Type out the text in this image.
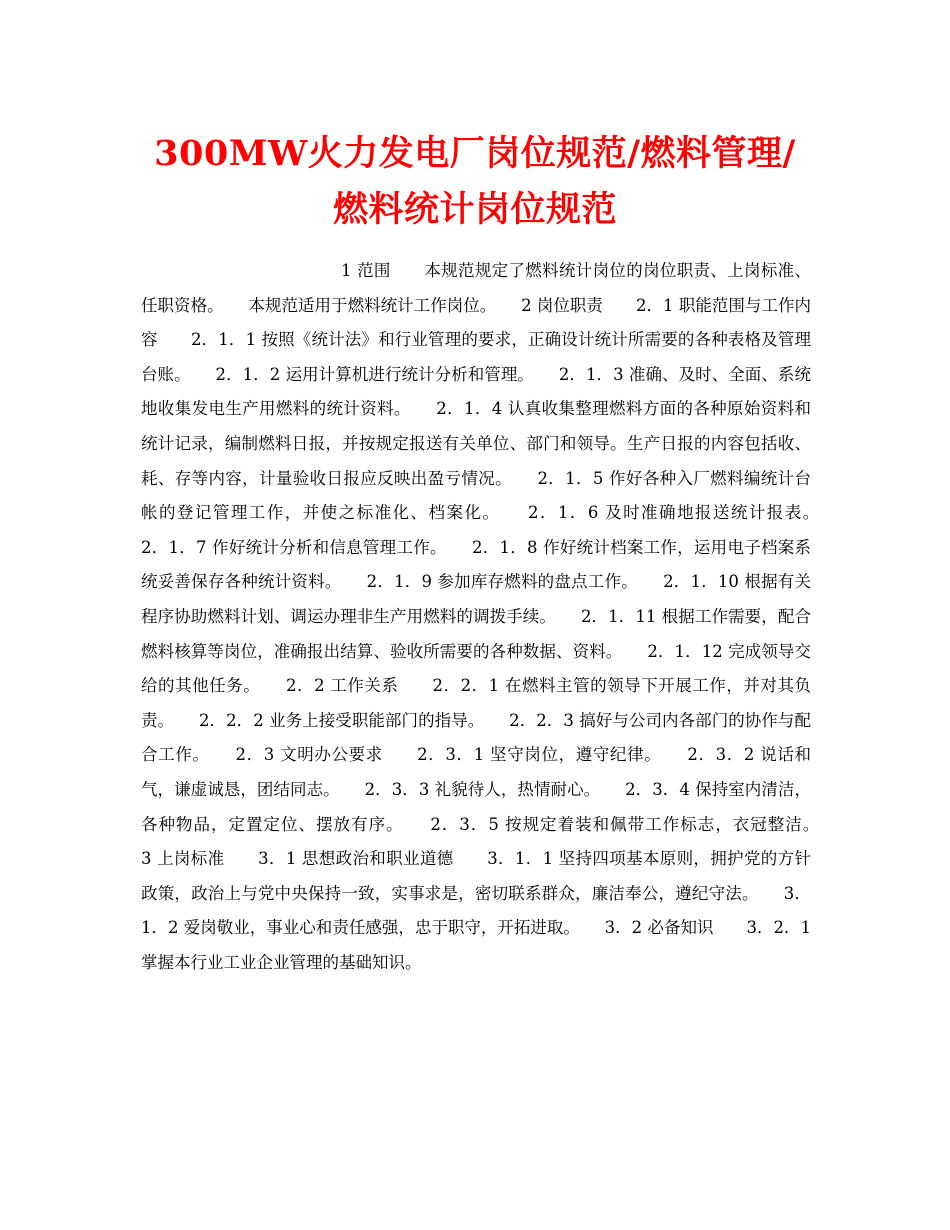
300MW火力发电厂岗位规范/燃料管理/燃料统计岗位规范

1 范围　　本规范规定了燃料统计岗位的岗位职责、上岗标准、任职资格。　　本规范适用于燃料统计工作岗位。　　2 岗位职责　　2．1 职能范围与工作内容　　2．1．1 按照《统计法》和行业管理的要求，正确设计统计所需要的各种表格及管理台账。　　2．1．2 运用计算机进行统计分析和管理。　　2．1．3 准确、及时、全面、系统地收集发电生产用燃料的统计资料。　　2．1．4 认真收集整理燃料方面的各种原始资料和统计记录，编制燃料日报，并按规定报送有关单位、部门和领导。生产日报的内容包括收、耗、存等内容，计量验收日报应反映出盈亏情况。　　2．1．5 作好各种入厂燃料编统计台帐的登记管理工作，并使之标准化、档案化。　　2．1．6 及时准确地报送统计报表。　　2．1．7 作好统计分析和信息管理工作。　　2．1．8 作好统计档案工作，运用电子档案系统妥善保存各种统计资料。　　2．1．9 参加库存燃料的盘点工作。　　2．1．10 根据有关程序协助燃料计划、调运办理非生产用燃料的调拨手续。　　2．1．11 根据工作需要，配合燃料核算等岗位，准确报出结算、验收所需要的各种数据、资料。　　2．1．12 完成领导交给的其他任务。　　2．2 工作关系　　2．2．1 在燃料主管的领导下开展工作，并对其负责。　　2．2．2 业务上接受职能部门的指导。　　2．2．3 搞好与公司内各部门的协作与配合工作。　　2．3 文明办公要求　　2．3．1 坚守岗位，遵守纪律。　　2．3．2 说话和气，谦虚诚恳，团结同志。　　2．3．3 礼貌待人，热情耐心。　　2．3．4 保持室内清洁，各种物品，定置定位、摆放有序。　　2．3．5 按规定着装和佩带工作标志，衣冠整洁。　　3 上岗标准　　3．1 思想政治和职业道德　　3．1．1 坚持四项基本原则，拥护党的方针政策，政治上与党中央保持一致，实事求是，密切联系群众，廉洁奉公，遵纪守法。　　3．1．2 爱岗敬业，事业心和责任感强，忠于职守，开拓进取。　　3．2 必备知识　　3．2．1 掌握本行业工业企业管理的基础知识。
